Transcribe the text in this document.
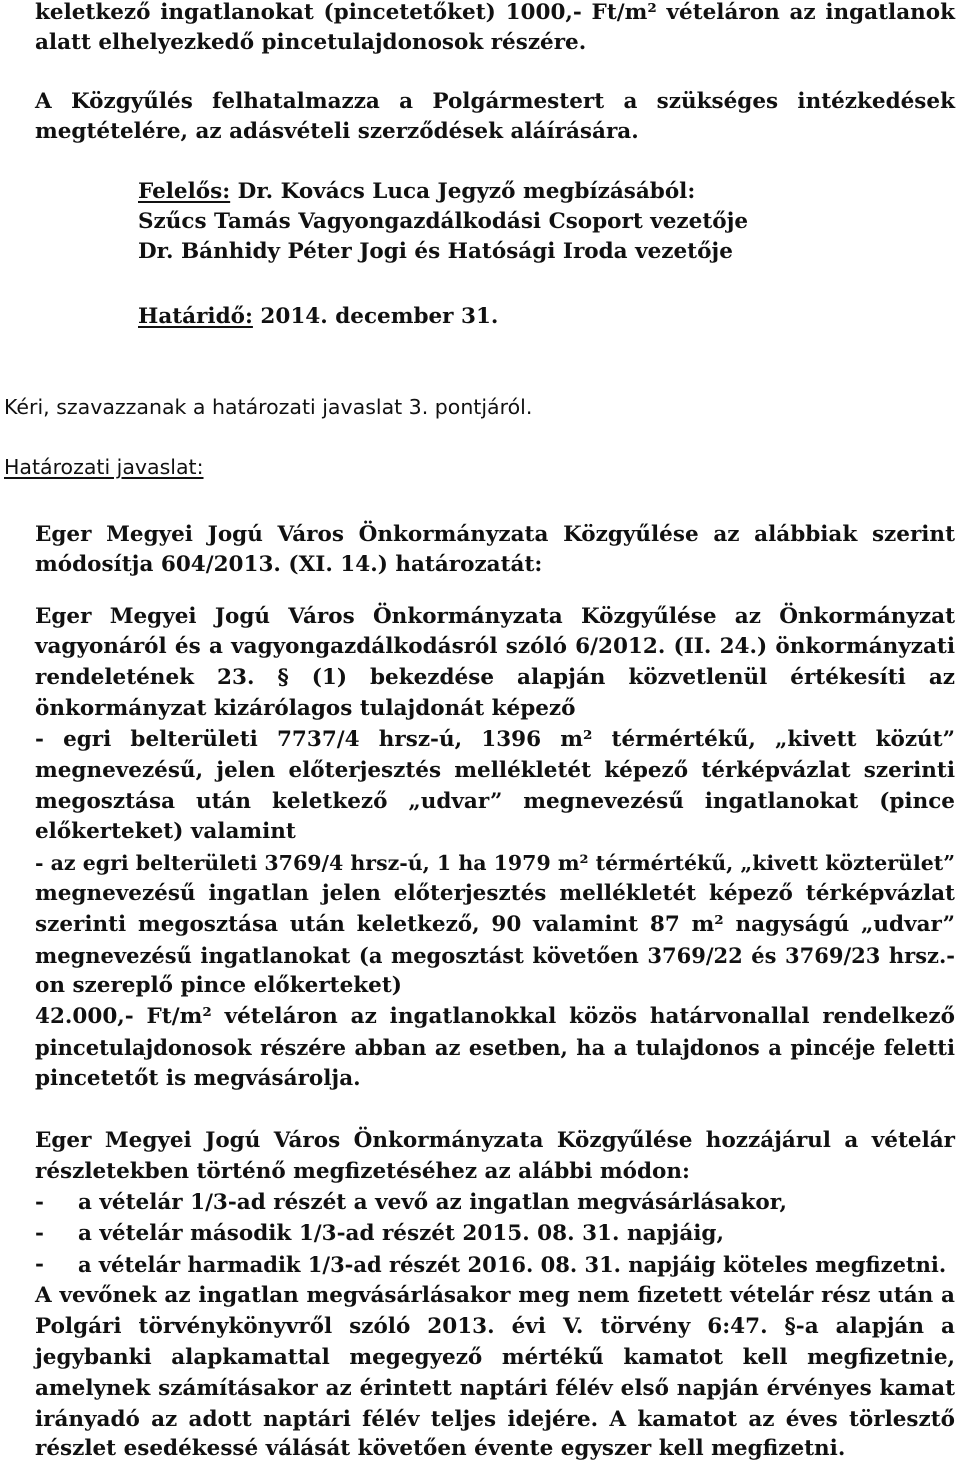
keletkező ingatlanokat (pincetetőket) 1000,- Ft/m² vételáron az ingatlanok

alatt elhelyezkedő pincetulajdonosok részére.

A Közgyűlés felhatalmazza a Polgármestert a szükséges intézkedések

megtételére, az adásvételi szerződések aláírására.

Felelős: Dr. Kovács Luca Jegyző megbízásából:

Szűcs Tamás Vagyongazdálkodási Csoport vezetője

Dr. Bánhidy Péter Jogi és Hatósági Iroda vezetője

Határidő: 2014. december 31.

Kéri, szavazzanak a határozati javaslat 3. pontjáról.

Határozati javaslat:

Eger Megyei Jogú Város Önkormányzata Közgyűlése az alábbiak szerint

módosítja 604/2013. (XI. 14.) határozatát:

Eger Megyei Jogú Város Önkormányzata Közgyűlése az Önkormányzat

vagyonáról és a vagyongazdálkodásról szóló 6/2012. (II. 24.) önkormányzati

rendeletének 23. § (1) bekezdése alapján közvetlenül értékesíti az

önkormányzat kizárólagos tulajdonát képező

- egri belterületi 7737/4 hrsz-ú, 1396 m² térmértékű, „kivett közút”

megnevezésű, jelen előterjesztés mellékletét képező térképvázlat szerinti

megosztása után keletkező „udvar” megnevezésű ingatlanokat (pince

előkerteket) valamint

- az egri belterületi 3769/4 hrsz-ú, 1 ha 1979 m² térmértékű, „kivett közterület”

megnevezésű ingatlan jelen előterjesztés mellékletét képező térképvázlat

szerinti megosztása után keletkező, 90 valamint 87 m² nagyságú „udvar”

megnevezésű ingatlanokat (a megosztást követően 3769/22 és 3769/23 hrsz.-

on szereplő pince előkerteket)

42.000,- Ft/m² vételáron az ingatlanokkal közös határvonallal rendelkező

pincetulajdonosok részére abban az esetben, ha a tulajdonos a pincéje feletti

pincetetőt is megvásárolja.

Eger Megyei Jogú Város Önkormányzata Közgyűlése hozzájárul a vételár

részletekben történő megfizetéséhez az alábbi módon:

- a vételár 1/3-ad részét a vevő az ingatlan megvásárlásakor,

- a vételár második 1/3-ad részét 2015. 08. 31. napjáig,

- a vételár harmadik 1/3-ad részét 2016. 08. 31. napjáig köteles megfizetni.

A vevőnek az ingatlan megvásárlásakor meg nem fizetett vételár rész után a

Polgári törvénykönyvről szóló 2013. évi V. törvény 6:47. §-a alapján a

jegybanki alapkamattal megegyező mértékű kamatot kell megfizetnie,

amelynek számításakor az érintett naptári félév első napján érvényes kamat

irányadó az adott naptári félév teljes idejére. A kamatot az éves törlesztő

részlet esedékessé válását követően évente egyszer kell megfizetni.
